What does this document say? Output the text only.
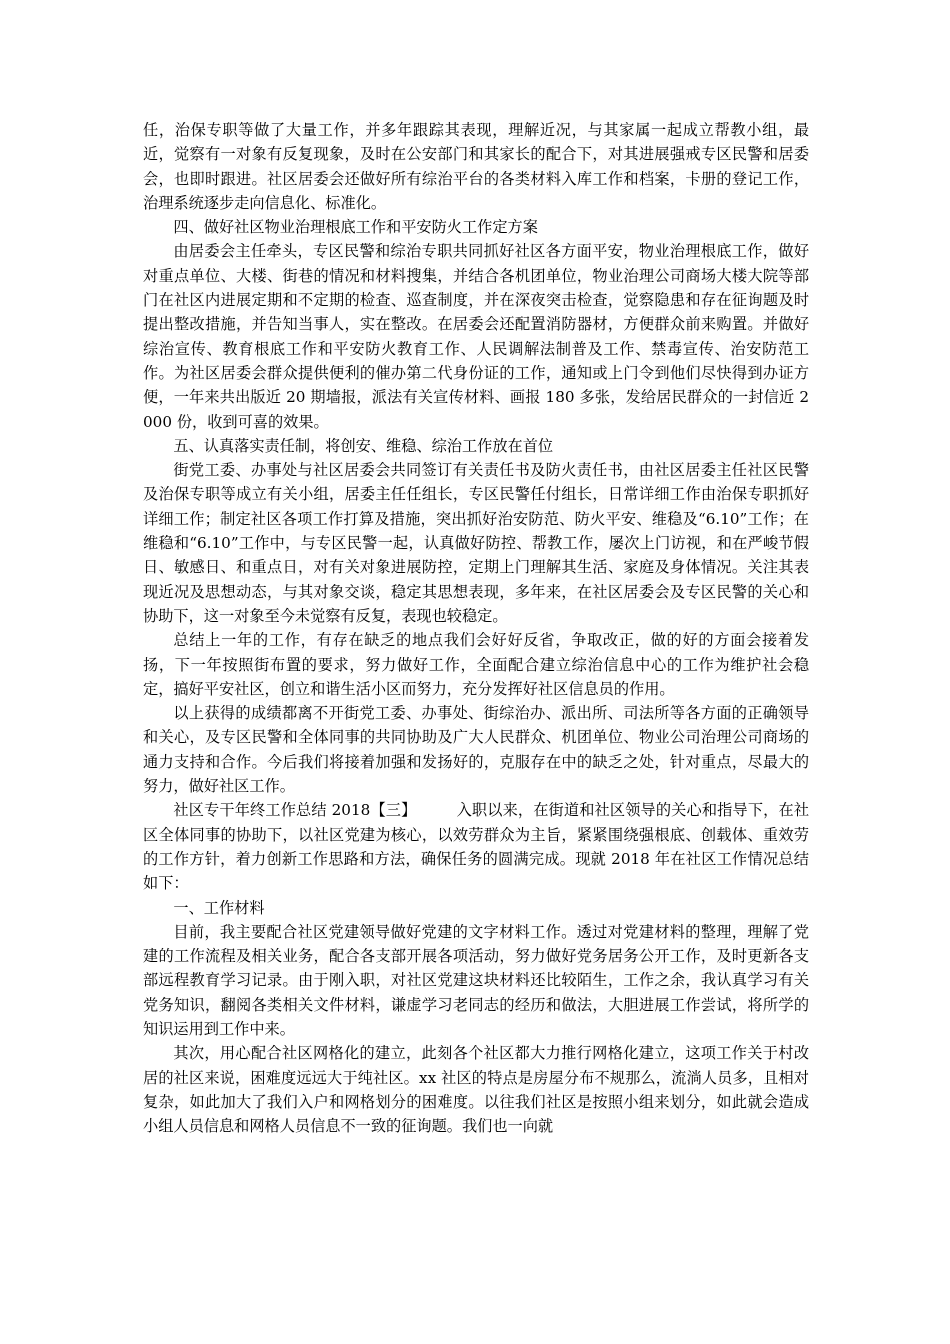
任，治保专职等做了大量工作，并多年跟踪其表现，理解近况，与其家属一起成立帮教小组，最近，觉察有一对象有反复现象，及时在公安部门和其家长的配合下，对其进展强戒专区民警和居委会，也即时跟进。社区居委会还做好所有综治平台的各类材料入库工作和档案，卡册的登记工作，治理系统逐步走向信息化、标准化。

四、做好社区物业治理根底工作和平安防火工作定方案

由居委会主任牵头，专区民警和综治专职共同抓好社区各方面平安，物业治理根底工作，做好对重点单位、大楼、街巷的情况和材料搜集，并结合各机团单位，物业治理公司商场大楼大院等部门在社区内进展定期和不定期的检查、巡查制度，并在深夜突击检查，觉察隐患和存在征询题及时提出整改措施，并告知当事人，实在整改。在居委会还配置消防器材，方便群众前来购置。并做好综治宣传、教育根底工作和平安防火教育工作、人民调解法制普及工作、禁毒宣传、治安防范工作。为社区居委会群众提供便利的催办第二代身份证的工作，通知或上门令到他们尽快得到办证方便，一年来共出版近 20 期墙报，派法有关宣传材料、画报 180 多张，发给居民群众的一封信近 2000 份，收到可喜的效果。

五、认真落实责任制，将创安、维稳、综治工作放在首位

街党工委、办事处与社区居委会共同签订有关责任书及防火责任书，由社区居委主任社区民警及治保专职等成立有关小组，居委主任任组长，专区民警任付组长，日常详细工作由治保专职抓好详细工作；制定社区各项工作打算及措施，突出抓好治安防范、防火平安、维稳及“6.10”工作；在维稳和“6.10”工作中，与专区民警一起，认真做好防控、帮教工作，屡次上门访视，和在严峻节假日、敏感日、和重点日，对有关对象进展防控，定期上门理解其生活、家庭及身体情况。关注其表现近况及思想动态，与其对象交谈，稳定其思想表现，多年来，在社区居委会及专区民警的关心和协助下，这一对象至今未觉察有反复，表现也较稳定。

总结上一年的工作，有存在缺乏的地点我们会好好反省，争取改正，做的好的方面会接着发扬，下一年按照街布置的要求，努力做好工作，全面配合建立综治信息中心的工作为维护社会稳定，搞好平安社区，创立和谐生活小区而努力，充分发挥好社区信息员的作用。

以上获得的成绩都离不开街党工委、办事处、街综治办、派出所、司法所等各方面的正确领导和关心，及专区民警和全体同事的共同协助及广大人民群众、机团单位、物业公司治理公司商场的通力支持和合作。今后我们将接着加强和发扬好的，克服存在中的缺乏之处，针对重点，尽最大的努力，做好社区工作。

社区专干年终工作总结 2018【三】	入职以来，在街道和社区领导的关心和指导下，在社区全体同事的协助下，以社区党建为核心，以效劳群众为主旨，紧紧围绕强根底、创载体、重效劳的工作方针，着力创新工作思路和方法，确保任务的圆满完成。现就 2018 年在社区工作情况总结如下：

一、工作材料

目前，我主要配合社区党建领导做好党建的文字材料工作。透过对党建材料的整理，理解了党建的工作流程及相关业务，配合各支部开展各项活动，努力做好党务居务公开工作，及时更新各支部远程教育学习记录。由于刚入职，对社区党建这块材料还比较陌生，工作之余，我认真学习有关党务知识，翻阅各类相关文件材料，谦虚学习老同志的经历和做法，大胆进展工作尝试，将所学的知识运用到工作中来。

其次，用心配合社区网格化的建立，此刻各个社区都大力推行网格化建立，这项工作关于村改居的社区来说，困难度远远大于纯社区。xx 社区的特点是房屋分布不规那么，流淌人员多，且相对复杂，如此加大了我们入户和网格划分的困难度。以往我们社区是按照小组来划分，如此就会造成小组人员信息和网格人员信息不一致的征询题。我们也一向就
